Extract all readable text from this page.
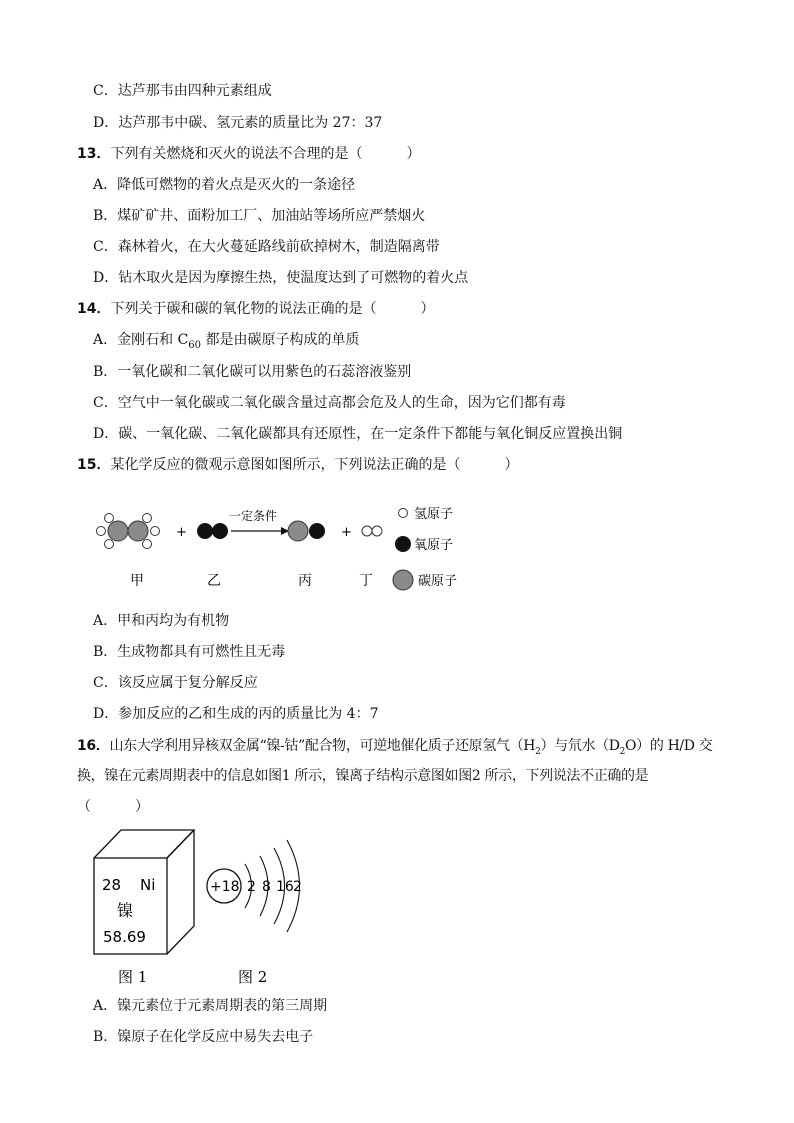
C．达芦那韦由四种元素组成
D．达芦那韦中碳、氢元素的质量比为 27：37
13．下列有关燃烧和灭火的说法不合理的是（	）
A．降低可燃物的着火点是灭火的一条途径
B．煤矿矿井、面粉加工厂、加油站等场所应严禁烟火
C．森林着火，在大火蔓延路线前砍掉树木，制造隔离带
D．钻木取火是因为摩擦生热，使温度达到了可燃物的着火点
14．下列关于碳和碳的氧化物的说法正确的是（	）
A．金刚石和 $C_{60}$ 都是由碳原子构成的单质
B．一氧化碳和二氧化碳可以用紫色的石蕊溶液鉴别
C．空气中一氧化碳或二氧化碳含量过高都会危及人的生命，因为它们都有毒
D．碳、一氧化碳、二氧化碳都具有还原性，在一定条件下都能与氧化铜反应置换出铜
15．某化学反应的微观示意图如图所示，下列说法正确的是（	）
+
一定条件
+
氢原子
氧原子
碳原子
甲	乙	丙	丁
A．甲和丙均为有机物
B．生成物都具有可燃性且无毒
C．该反应属于复分解反应
D．参加反应的乙和生成的丙的质量比为 4：7
16．山东大学利用异核双金属“镍-钴”配合物，可逆地催化质子还原氢气$(H_2)$与氘水$(D_2O)$的 H/D 交
换，镍在元素周期表中的信息如图1 所示，镍离子结构示意图如图2 所示，下列说法不正确的是
（	）
28 Ni
镍
58.69
图 1
+18 2 8 16 2
图 2
A．镍元素位于元素周期表的第三周期
B．镍原子在化学反应中易失去电子
